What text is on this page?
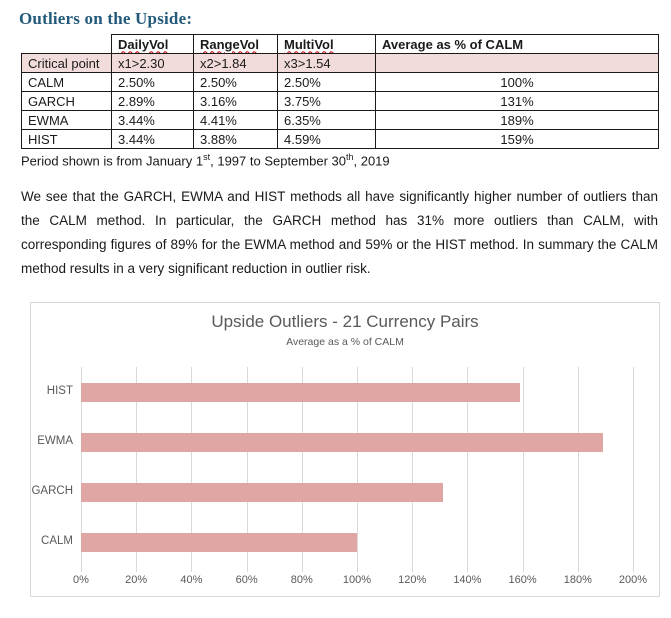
Outliers on the Upside:
	DailyVol	RangeVol	MultiVol	Average as % of CALM
Critical point	x1>2.30	x2>1.84	x3>1.54	
CALM	2.50%	2.50%	2.50%	100%
GARCH	2.89%	3.16%	3.75%	131%
EWMA	3.44%	4.41%	6.35%	189%
HIST	3.44%	3.88%	4.59%	159%
Period shown is from January 1st, 1997 to September 30th, 2019
We see that the GARCH, EWMA and HIST methods all have significantly higher number of outliers than the CALM method. In particular, the GARCH method has 31% more outliers than CALM, with corresponding figures of 89% for the EWMA method and 59% or the HIST method. In summary the CALM method results in a very significant reduction in outlier risk.
Upside Outliers - 21 Currency Pairs
Average as a % of CALM
HIST
EWMA
GARCH
CALM
0%	20%	40%	60%	80%	100%	120%	140%	160%	180%	200%
